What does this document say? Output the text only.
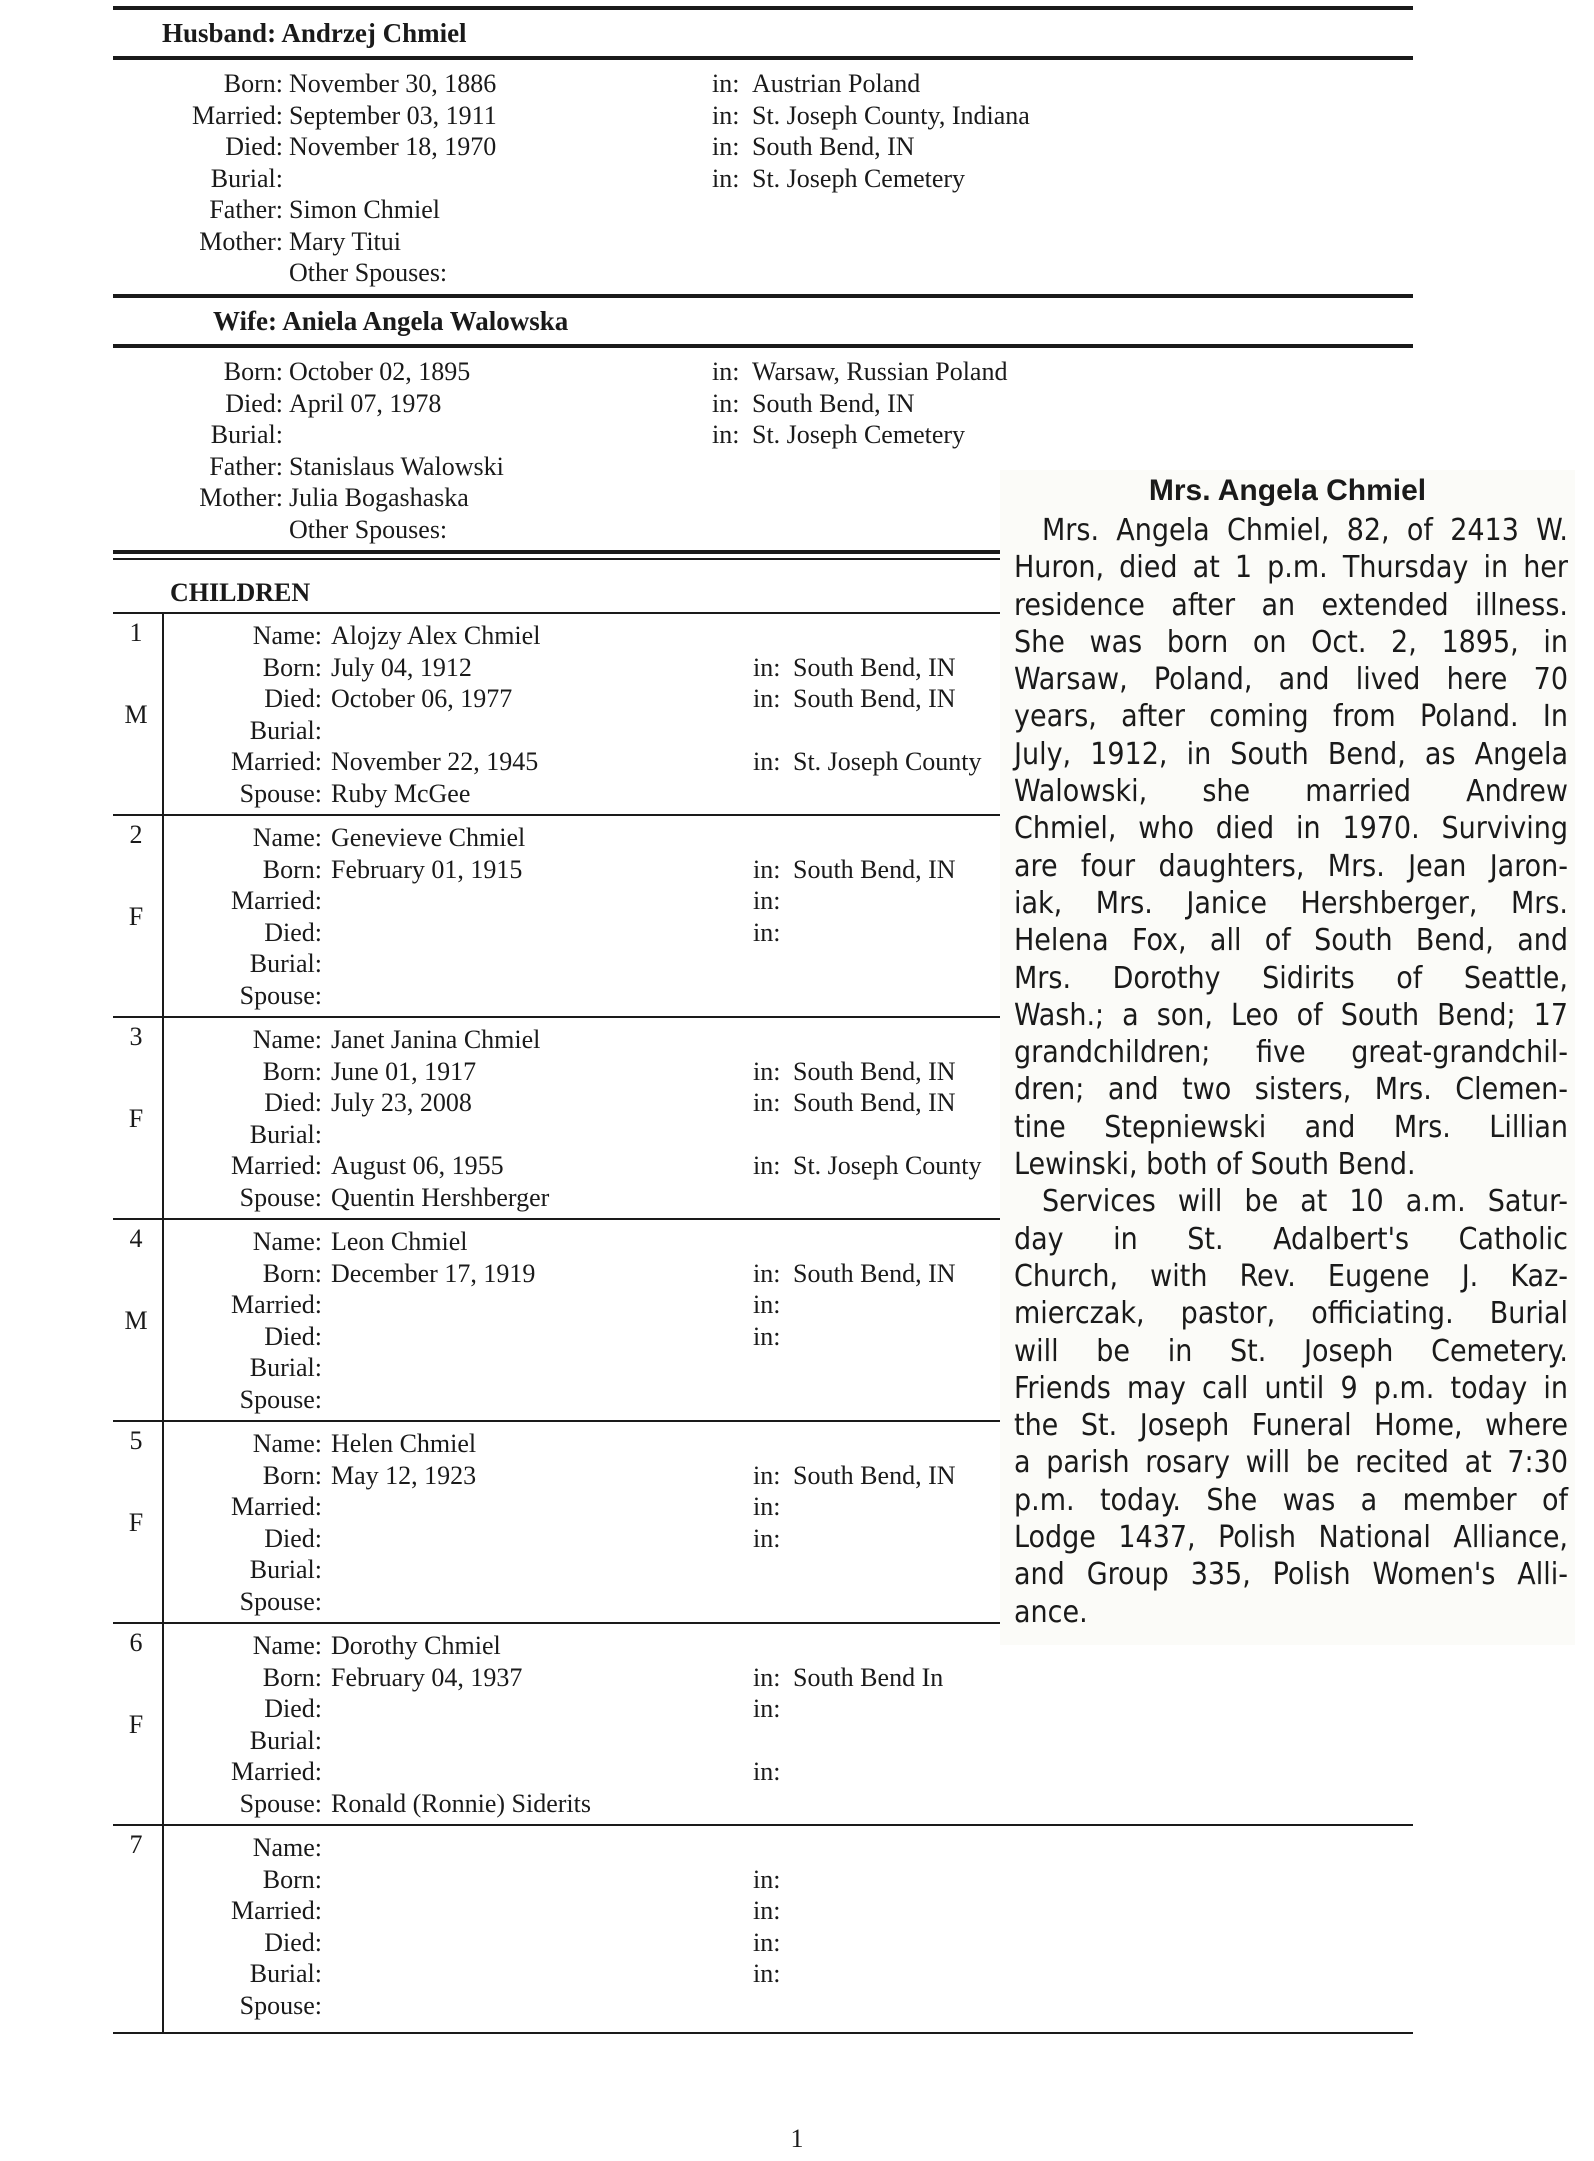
Husband: Andrzej Chmiel
Born: November 30, 1886	in: Austrian Poland
Married: September 03, 1911	in: St. Joseph County, Indiana
Died: November 18, 1970	in: South Bend, IN
Burial:	in: St. Joseph Cemetery
Father: Simon Chmiel
Mother: Mary Titui
Other Spouses:
Wife: Aniela Angela Walowska
Born: October 02, 1895	in: Warsaw, Russian Poland
Died: April 07, 1978	in: South Bend, IN
Burial:	in: St. Joseph Cemetery
Father: Stanislaus Walowski
Mother: Julia Bogashaska
Other Spouses:
CHILDREN
1
M
Name: Alojzy Alex Chmiel
Born: July 04, 1912	in: South Bend, IN
Died: October 06, 1977	in: South Bend, IN
Burial:
Married: November 22, 1945	in: St. Joseph County
Spouse: Ruby McGee
2
F
Name: Genevieve Chmiel
Born: February 01, 1915	in: South Bend, IN
Married:	in:
Died:	in:
Burial:
Spouse:
3
F
Name: Janet Janina Chmiel
Born: June 01, 1917	in: South Bend, IN
Died: July 23, 2008	in: South Bend, IN
Burial:
Married: August 06, 1955	in: St. Joseph County
Spouse: Quentin Hershberger
4
M
Name: Leon Chmiel
Born: December 17, 1919	in: South Bend, IN
Married:	in:
Died:	in:
Burial:
Spouse:
5
F
Name: Helen Chmiel
Born: May 12, 1923	in: South Bend, IN
Married:	in:
Died:	in:
Burial:
Spouse:
6
F
Name: Dorothy Chmiel
Born: February 04, 1937	in: South Bend In
Died:	in:
Burial:
Married:	in:
Spouse: Ronald (Ronnie) Siderits
7	Name:
Born:	in:
Married:	in:
Died:	in:
Burial:	in:
Spouse:
Mrs. Angela Chmiel
Mrs. Angela Chmiel, 82, of 2413 W.
Huron, died at 1 p.m. Thursday in her
residence after an extended illness.
She was born on Oct. 2, 1895, in
Warsaw, Poland, and lived here 70
years, after coming from Poland. In
July, 1912, in South Bend, as Angela
Walowski, she married Andrew
Chmiel, who died in 1970. Surviving
are four daughters, Mrs. Jean Jaron-
iak, Mrs. Janice Hershberger, Mrs.
Helena Fox, all of South Bend, and
Mrs. Dorothy Sidirits of Seattle,
Wash.; a son, Leo of South Bend; 17
grandchildren; five great-grandchil-
dren; and two sisters, Mrs. Clemen-
tine Stepniewski and Mrs. Lillian
Lewinski, both of South Bend.
Services will be at 10 a.m. Satur-
day in St. Adalbert's Catholic
Church, with Rev. Eugene J. Kaz-
mierczak, pastor, officiating. Burial
will be in St. Joseph Cemetery.
Friends may call until 9 p.m. today in
the St. Joseph Funeral Home, where
a parish rosary will be recited at 7:30
p.m. today. She was a member of
Lodge 1437, Polish National Alliance,
and Group 335, Polish Women's Alli-
ance.
1
